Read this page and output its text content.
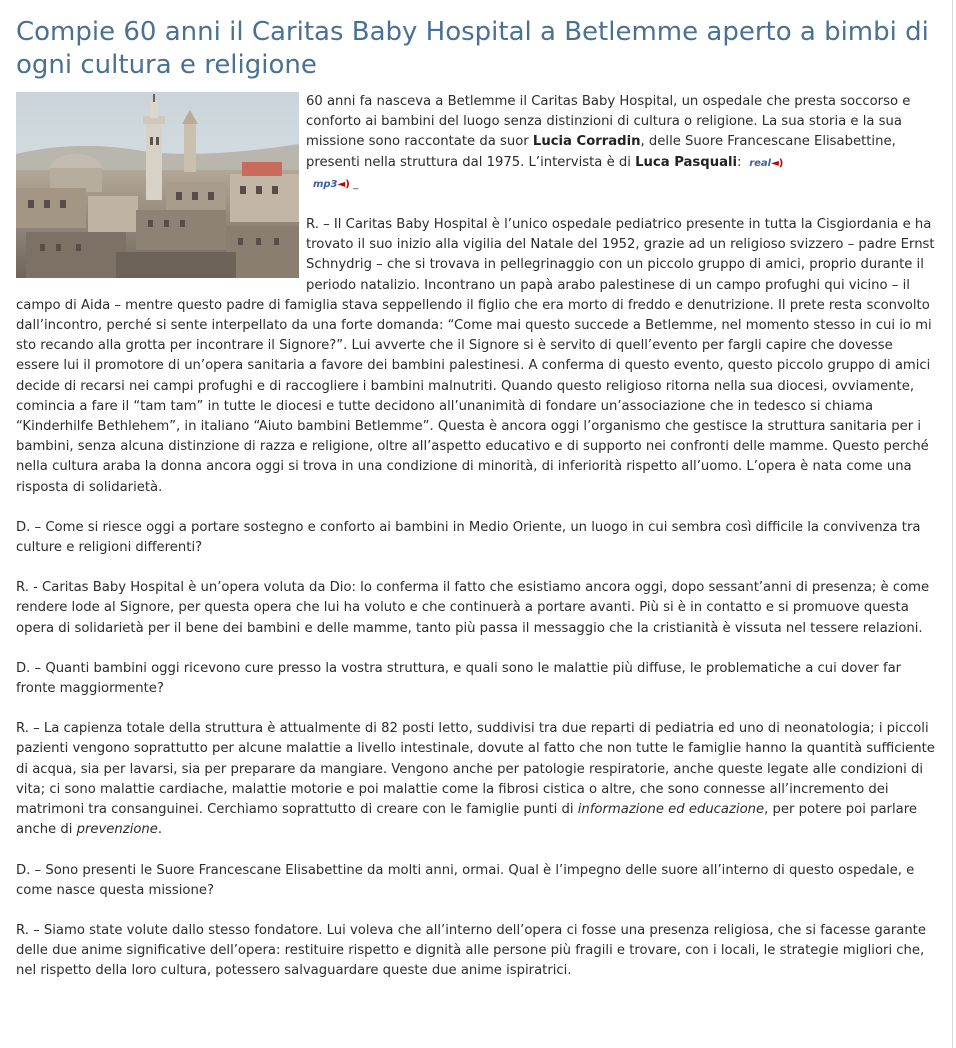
Compie 60 anni il Caritas Baby Hospital a Betlemme aperto a bimbi di ogni cultura e religione

60 anni fa nasceva a Betlemme il Caritas Baby Hospital, un ospedale che presta soccorso e conforto ai bambini del luogo senza distinzioni di cultura o religione. La sua storia e la sua missione sono raccontate da suor Lucia Corradin, delle Suore Francescane Elisabettine, presenti nella struttura dal 1975. L’intervista è di Luca Pasquali: real◄)
mp3◄) _

R. – Il Caritas Baby Hospital è l’unico ospedale pediatrico presente in tutta la Cisgiordania e ha trovato il suo inizio alla vigilia del Natale del 1952, grazie ad un religioso svizzero – padre Ernst Schnydrig – che si trovava in pellegrinaggio con un piccolo gruppo di amici, proprio durante il periodo natalizio. Incontrano un papà arabo palestinese di un campo profughi qui vicino – il campo di Aida – mentre questo padre di famiglia stava seppellendo il figlio che era morto di freddo e denutrizione. Il prete resta sconvolto dall’incontro, perché si sente interpellato da una forte domanda: “Come mai questo succede a Betlemme, nel momento stesso in cui io mi sto recando alla grotta per incontrare il Signore?”. Lui avverte che il Signore si è servito di quell’evento per fargli capire che dovesse essere lui il promotore di un’opera sanitaria a favore dei bambini palestinesi. A conferma di questo evento, questo piccolo gruppo di amici decide di recarsi nei campi profughi e di raccogliere i bambini malnutriti. Quando questo religioso ritorna nella sua diocesi, ovviamente, comincia a fare il “tam tam” in tutte le diocesi e tutte decidono all’unanimità di fondare un’associazione che in tedesco si chiama “Kinderhilfe Bethlehem”, in italiano “Aiuto bambini Betlemme”. Questa è ancora oggi l’organismo che gestisce la struttura sanitaria per i bambini, senza alcuna distinzione di razza e religione, oltre all’aspetto educativo e di supporto nei confronti delle mamme. Questo perché nella cultura araba la donna ancora oggi si trova in una condizione di minorità, di inferiorità rispetto all’uomo. L’opera è nata come una risposta di solidarietà.

D. – Come si riesce oggi a portare sostegno e conforto ai bambini in Medio Oriente, un luogo in cui sembra così difficile la convivenza tra culture e religioni differenti?

R. - Caritas Baby Hospital è un’opera voluta da Dio: lo conferma il fatto che esistiamo ancora oggi, dopo sessant’anni di presenza; è come rendere lode al Signore, per questa opera che lui ha voluto e che continuerà a portare avanti. Più si è in contatto e si promuove questa opera di solidarietà per il bene dei bambini e delle mamme, tanto più passa il messaggio che la cristianità è vissuta nel tessere relazioni.

D. – Quanti bambini oggi ricevono cure presso la vostra struttura, e quali sono le malattie più diffuse, le problematiche a cui dover far fronte maggiormente?

R. – La capienza totale della struttura è attualmente di 82 posti letto, suddivisi tra due reparti di pediatria ed uno di neonatologia; i piccoli pazienti vengono soprattutto per alcune malattie a livello intestinale, dovute al fatto che non tutte le famiglie hanno la quantità sufficiente di acqua, sia per lavarsi, sia per preparare da mangiare. Vengono anche per patologie respiratorie, anche queste legate alle condizioni di vita; ci sono malattie cardiache, malattie motorie e poi malattie come la fibrosi cistica o altre, che sono connesse all’incremento dei matrimoni tra consanguinei. Cerchiamo soprattutto di creare con le famiglie punti di informazione ed educazione, per potere poi parlare anche di prevenzione.

D. – Sono presenti le Suore Francescane Elisabettine da molti anni, ormai. Qual è l’impegno delle suore all’interno di questo ospedale, e come nasce questa missione?

R. – Siamo state volute dallo stesso fondatore. Lui voleva che all’interno dell’opera ci fosse una presenza religiosa, che si facesse garante delle due anime significative dell’opera: restituire rispetto e dignità alle persone più fragili e trovare, con i locali, le strategie migliori che, nel rispetto della loro cultura, potessero salvaguardare queste due anime ispiratrici.
